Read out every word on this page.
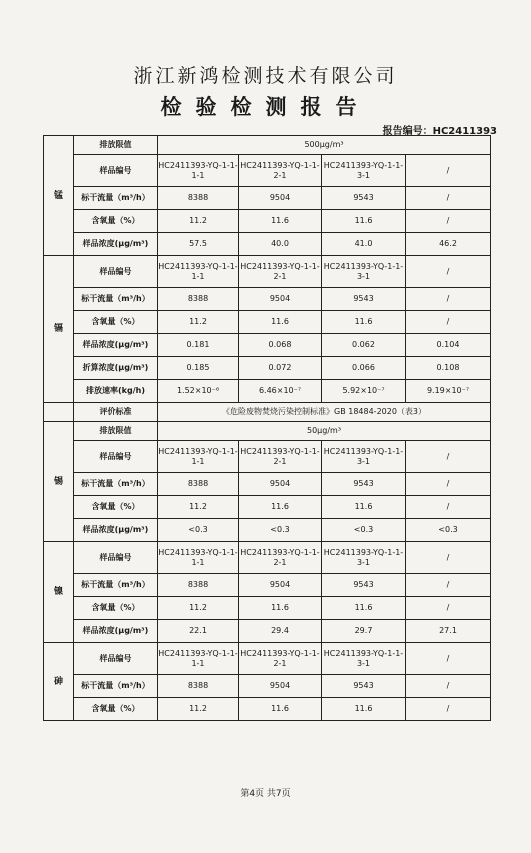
浙江新鸿检测技术有限公司
检验检测报告
报告编号：HC2411393
锰	排放限值	500μg/m³			
	样品编号	HC2411393-YQ-1-1-1-1	HC2411393-YQ-1-1-2-1	HC2411393-YQ-1-1-3-1	/
	标干流量（m³/h）	8388	9504	9543	/
	含氧量（%）	11.2	11.6	11.6	/
	样品浓度(μg/m³)	57.5	40.0	41.0	46.2
镉	样品编号	HC2411393-YQ-1-1-1-1	HC2411393-YQ-1-1-2-1	HC2411393-YQ-1-1-3-1	/
	标干流量（m³/h）	8388	9504	9543	/
	含氧量（%）	11.2	11.6	11.6	/
	样品浓度(μg/m³)	0.181	0.068	0.062	0.104
	折算浓度(μg/m³)	0.185	0.072	0.066	0.108
	排放速率(kg/h)	1.52×10⁻⁶	6.46×10⁻⁷	5.92×10⁻⁷	9.19×10⁻⁷
	评价标准	《危险废物焚烧污染控制标准》GB 18484-2020（表3）			
锡	排放限值	50μg/m³			
	样品编号	HC2411393-YQ-1-1-1-1	HC2411393-YQ-1-1-2-1	HC2411393-YQ-1-1-3-1	/
	标干流量（m³/h）	8388	9504	9543	/
	含氧量（%）	11.2	11.6	11.6	/
	样品浓度(μg/m³)	<0.3	<0.3	<0.3	<0.3
镍	样品编号	HC2411393-YQ-1-1-1-1	HC2411393-YQ-1-1-2-1	HC2411393-YQ-1-1-3-1	/
	标干流量（m³/h）	8388	9504	9543	/
	含氧量（%）	11.2	11.6	11.6	/
	样品浓度(μg/m³)	22.1	29.4	29.7	27.1
砷	样品编号	HC2411393-YQ-1-1-1-1	HC2411393-YQ-1-1-2-1	HC2411393-YQ-1-1-3-1	/
	标干流量（m³/h）	8388	9504	9543	/
	含氧量（%）	11.2	11.6	11.6	/
第4页 共7页
